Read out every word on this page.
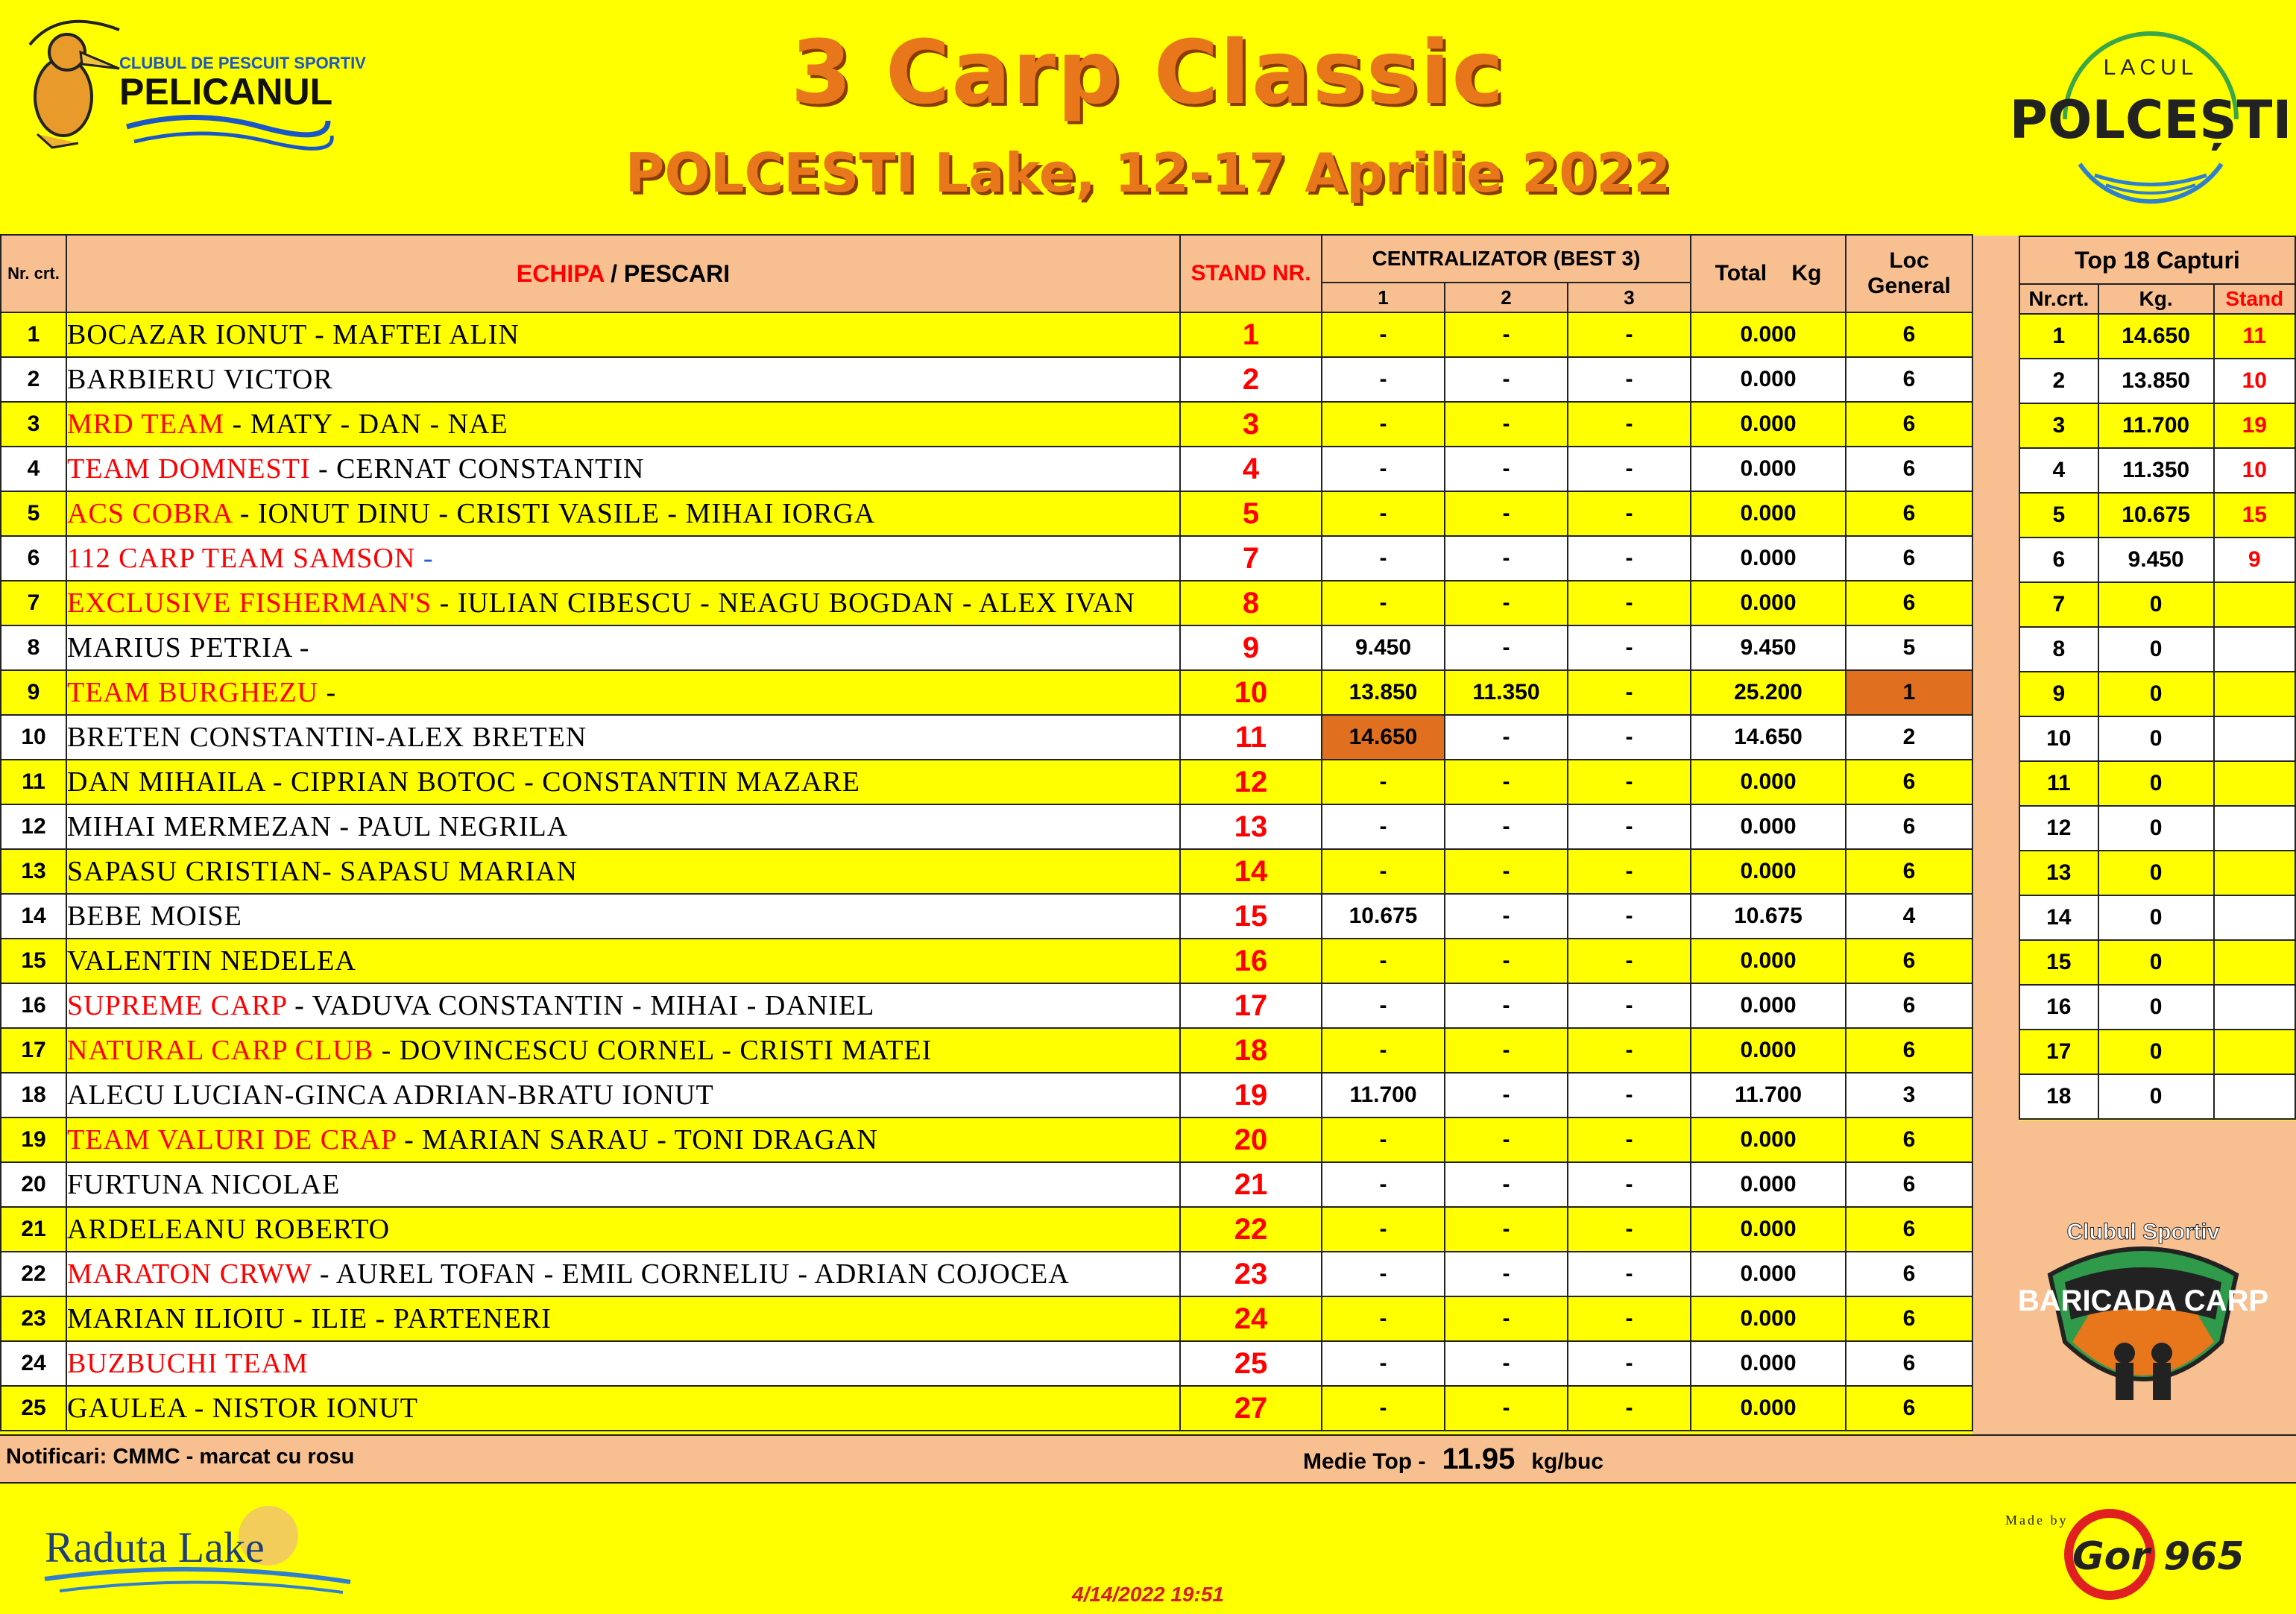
CLUBUL DE PESCUIT SPORTIV
PELICANUL	3 Carp Classic
POLCESTI Lake, 12-17 Aprilie 2022
LACUL
POLCEȘTI
Nr. crt.	ECHIPA / PESCARI	STAND NR.	CENTRALIZATOR (BEST 3)			Total    Kg	Loc General
			1	2	3		
1	BOCAZAR IONUT - MAFTEI ALIN	1	-	-	-	0.000	6
2	BARBIERU VICTOR	2	-	-	-	0.000	6
3	MRD TEAM - MATY - DAN - NAE	3	-	-	-	0.000	6
4	TEAM DOMNESTI - CERNAT CONSTANTIN	4	-	-	-	0.000	6
5	ACS COBRA - IONUT DINU - CRISTI VASILE - MIHAI IORGA	5	-	-	-	0.000	6
6	112 CARP TEAM SAMSON -	7	-	-	-	0.000	6
7	EXCLUSIVE FISHERMAN'S - IULIAN CIBESCU - NEAGU BOGDAN - ALEX IVAN	8	-	-	-	0.000	6
8	MARIUS PETRIA -	9	9.450	-	-	9.450	5
9	TEAM BURGHEZU -	10	13.850	11.350	-	25.200	1
10	BRETEN CONSTANTIN-ALEX BRETEN	11	14.650	-	-	14.650	2
11	DAN MIHAILA - CIPRIAN BOTOC - CONSTANTIN MAZARE	12	-	-	-	0.000	6
12	MIHAI MERMEZAN - PAUL NEGRILA	13	-	-	-	0.000	6
13	SAPASU CRISTIAN- SAPASU MARIAN	14	-	-	-	0.000	6
14	BEBE MOISE	15	10.675	-	-	10.675	4
15	VALENTIN NEDELEA	16	-	-	-	0.000	6
16	SUPREME CARP - VADUVA CONSTANTIN - MIHAI - DANIEL	17	-	-	-	0.000	6
17	NATURAL CARP CLUB - DOVINCESCU CORNEL - CRISTI MATEI	18	-	-	-	0.000	6
18	ALECU LUCIAN-GINCA ADRIAN-BRATU IONUT	19	11.700	-	-	11.700	3
19	TEAM VALURI DE CRAP - MARIAN SARAU - TONI DRAGAN	20	-	-	-	0.000	6
20	FURTUNA NICOLAE	21	-	-	-	0.000	6
21	ARDELEANU ROBERTO	22	-	-	-	0.000	6
22	MARATON CRWW - AUREL TOFAN - EMIL CORNELIU - ADRIAN COJOCEA	23	-	-	-	0.000	6
23	MARIAN ILIOIU - ILIE - PARTENERI	24	-	-	-	0.000	6
24	BUZBUCHI TEAM	25	-	-	-	0.000	6
25	GAULEA - NISTOR IONUT	27	-	-	-	0.000	6
Top 18 Capturi		
Nr.crt.	Kg.	Stand
1	14.650	11
2	13.850	10
3	11.700	19
4	11.350	10
5	10.675	15
6	9.450	9
7	0	
8	0	
9	0	
10	0	
11	0	
12	0	
13	0	
14	0	
15	0	
16	0	
17	0	
18	0	
Clubul Sportiv
BARICADA CARP
Notificari: CMMC - marcat cu rosu	Medie Top - 11.95 kg/buc
Raduta Lake
Made by
Gor 965
4/14/2022 19:51
